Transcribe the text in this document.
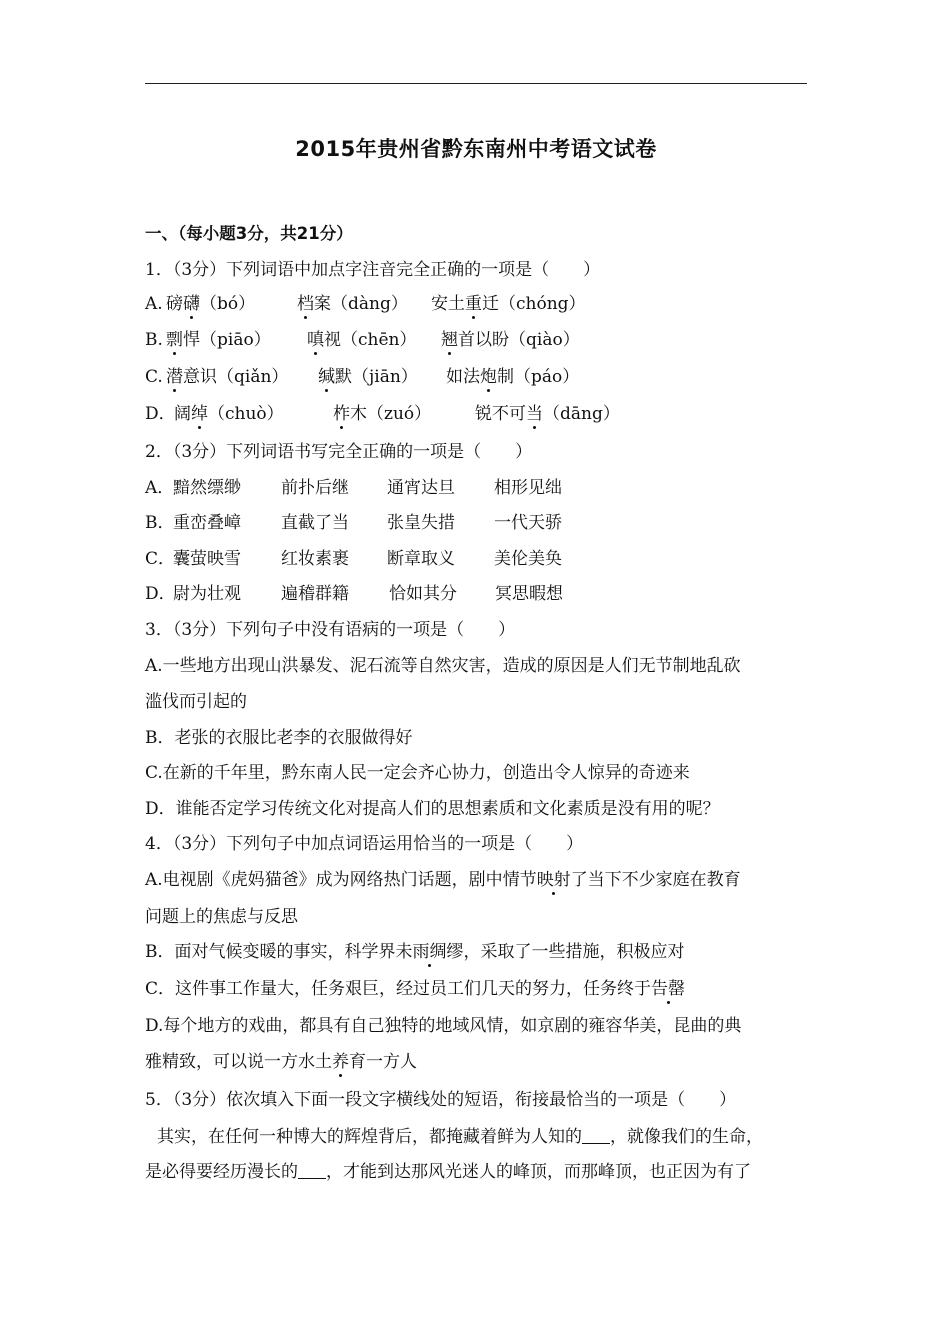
2015年贵州省黔东南州中考语文试卷
一、（每小题3分，共21分）
1．（3分）下列词语中加点字注音完全正确的一项是（　　）
A. 磅礴（bó） 档案（dàng） 安土重迁（chóng）
B. 剽悍（piāo） 嗔视（chēn） 翘首以盼（qiào）
C. 潜意识（qiǎn） 缄默（jiān） 如法炮制（páo）
D．
阔绰（chuò）	柞木（zuó）	锐不可当（dāng）
2．（3分）下列词语书写完全正确的一项是（　　）
A．
黯然缥缈 前扑后继 通宵达旦 相形见绌
B．
重峦叠嶂 直截了当 张皇失措 一代天骄
C．
囊萤映雪 红妆素裹 断章取义 美伦美奂
D．
尉为壮观 遍稽群籍 恰如其分 冥思暇想
3．（3分）下列句子中没有语病的一项是（　　）
A.一些地方出现山洪暴发、泥石流等自然灾害，造成的原因是人们无节制地乱砍
滥伐而引起的
B．老张的衣服比老李的衣服做得好
C.在新的千年里，黔东南人民一定会齐心协力，创造出令人惊异的奇迹来
D．谁能否定学习传统文化对提高人们的思想素质和文化素质是没有用的呢？
4．（3分）下列句子中加点词语运用恰当的一项是（　　）
A.电视剧《虎妈猫爸》成为网络热门话题，剧中情节映射了当下不少家庭在教育
问题上的焦虑与反思
B．面对气候变暖的事实，科学界未雨绸缪，采取了一些措施，积极应对
C．这件事工作量大，任务艰巨，经过员工们几天的努力，任务终于告罄
D.每个地方的戏曲，都具有自己独特的地域风情，如京剧的雍容华美，昆曲的典
雅精致，可以说一方水土养育一方人
5．（3分）依次填入下面一段文字横线处的短语，衔接最恰当的一项是（　　）
其实，在任何一种博大的辉煌背后，都掩藏着鲜为人知的 ，就像我们的生命，
是必得要经历漫长的 ，才能到达那风光迷人的峰顶，而那峰顶，也正因为有了
